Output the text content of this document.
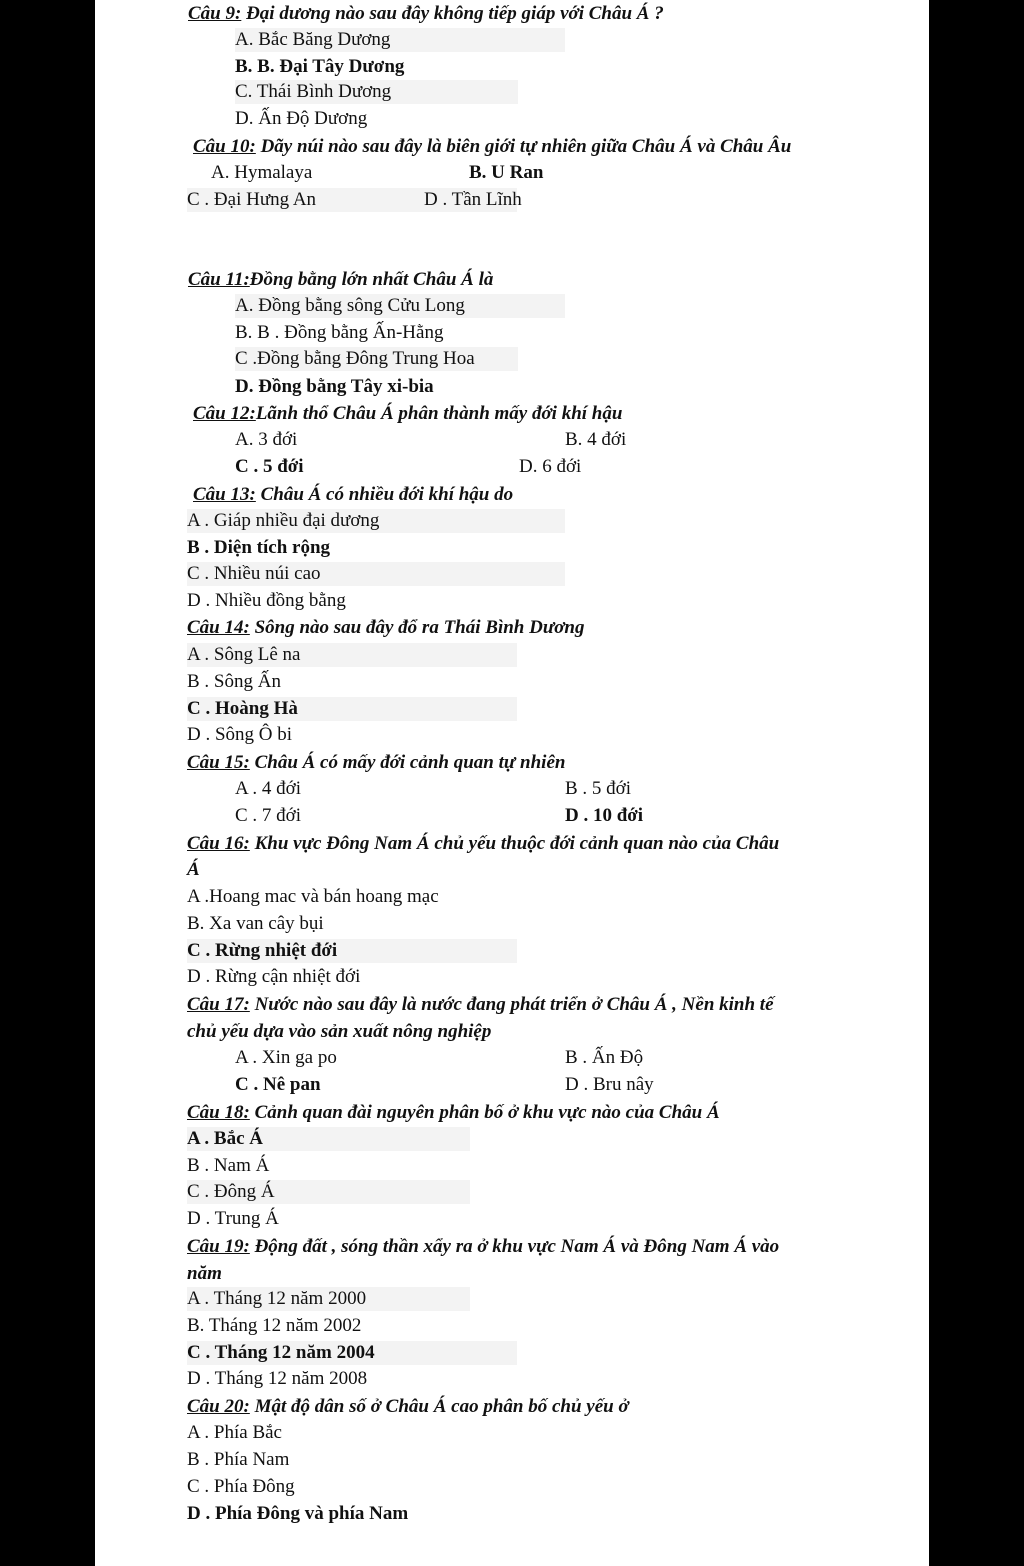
Câu 9: Đại dương nào sau đây không tiếp giáp với Châu Á ?
A. Bắc Băng Dương
B. B. Đại Tây Dương
C. Thái Bình Dương
D. Ấn Độ Dương
Câu 10: Dãy núi nào sau đây là biên giới tự nhiên giữa Châu Á và Châu Âu
A. Hymalaya	B. U Ran
C . Đại Hưng An	D . Tần Lĩnh
Câu 11:Đồng bằng lớn nhất Châu Á là
A. Đồng bằng sông Cửu Long
B. B . Đồng bằng Ấn-Hằng
C .Đồng bằng Đông Trung Hoa
D. Đồng bằng Tây xi-bia
Câu 12:Lãnh thổ Châu Á phân thành mấy đới khí hậu
A. 3 đới	B. 4 đới
C . 5 đới	D. 6 đới
Câu 13: Châu Á có nhiều đới khí hậu do
A . Giáp nhiều đại dương
B . Diện tích rộng
C . Nhiều núi cao
D . Nhiều đồng bằng
Câu 14: Sông nào sau đây đổ ra Thái Bình Dương
A . Sông Lê na
B . Sông Ấn
C . Hoàng Hà
D . Sông Ô bi
Câu 15: Châu Á có mấy đới cảnh quan tự nhiên
A . 4 đới	B . 5 đới
C . 7 đới	D . 10 đới
Câu 16: Khu vực Đông Nam Á chủ yếu thuộc đới cảnh quan nào của Châu
Á
A .Hoang mac và bán hoang mạc
B. Xa van cây bụi
C . Rừng nhiệt đới
D . Rừng cận nhiệt đới
Câu 17: Nước nào sau đây là nước đang phát triển ở Châu Á , Nền kinh tế
chủ yếu dựa vào sản xuất nông nghiệp
A . Xin ga po	B . Ấn Độ
C . Nê pan	D . Bru nây
Câu 18: Cảnh quan đài nguyên phân bố ở khu vực nào của Châu Á
A . Bắc Á
B . Nam Á
C . Đông Á
D . Trung Á
Câu 19: Động đất , sóng thần xẩy ra ở khu vực Nam Á và Đông Nam Á vào
năm
A . Tháng 12 năm 2000
B. Tháng 12 năm 2002
C . Tháng 12 năm 2004
D . Tháng 12 năm 2008
Câu 20: Mật độ dân số ở Châu Á cao phân bố chủ yếu ở
A . Phía Bắc
B . Phía Nam
C . Phía Đông
D . Phía Đông và phía Nam
